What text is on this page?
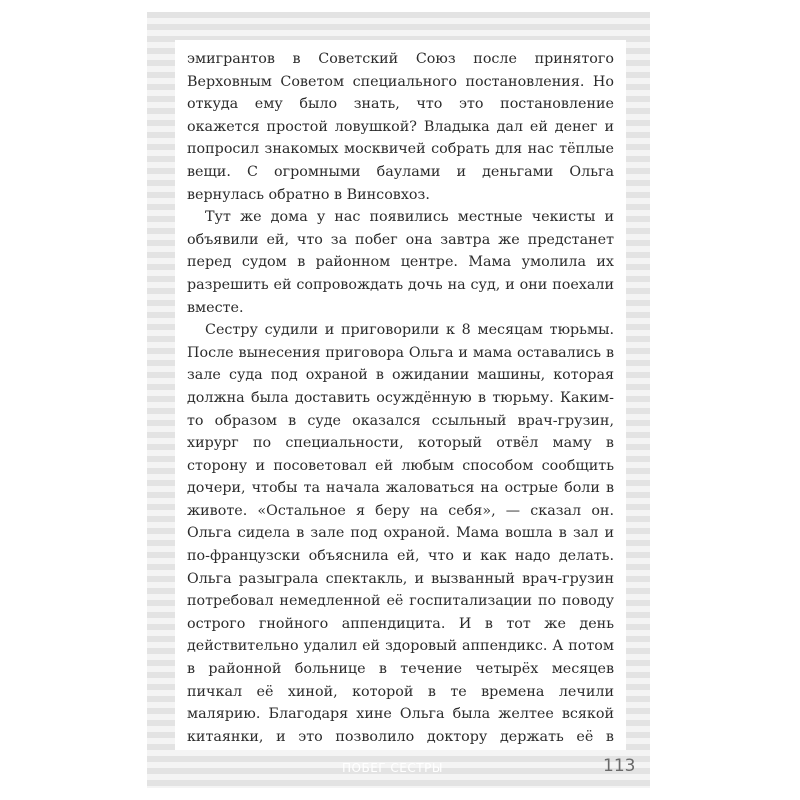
эмигрантов в Советский Союз после принятого Верховным Советом специального постановления. Но откуда ему было знать, что это постановление окажется простой ловушкой? Владыка дал ей денег и попросил знакомых москвичей собрать для нас тёплые вещи. С огромными баулами и деньгами Ольга вернулась обратно в Винсовхоз.

Тут же дома у нас появились местные чекисты и объявили ей, что за побег она завтра же предстанет перед судом в районном центре. Мама умолила их разрешить ей сопровождать дочь на суд, и они поехали вместе.

Сестру судили и приговорили к 8 месяцам тюрьмы. После вынесения приговора Ольга и мама оставались в зале суда под охраной в ожидании машины, которая должна была доставить осуждённую в тюрьму. Каким-то образом в суде оказался ссыльный врач-грузин, хирург по специальности, который отвёл маму в сторону и посоветовал ей любым способом сообщить дочери, чтобы та начала жаловаться на острые боли в животе. «Остальное я беру на себя», — сказал он. Ольга сидела в зале под охраной. Мама вошла в зал и по-французски объяснила ей, что и как надо делать. Ольга разыграла спектакль, и вызванный врач-грузин потребовал немедленной её госпитализации по поводу острого гнойного аппендицита. И в тот же день действительно удалил ей здоровый аппендикс. А потом в районной больнице в течение четырёх месяцев пичкал её хиной, которой в те времена лечили малярию. Благодаря хине Ольга была желтее всякой китаянки, и это позволило доктору держать её в

ПОБЕГ СЕСТРЫ	113
